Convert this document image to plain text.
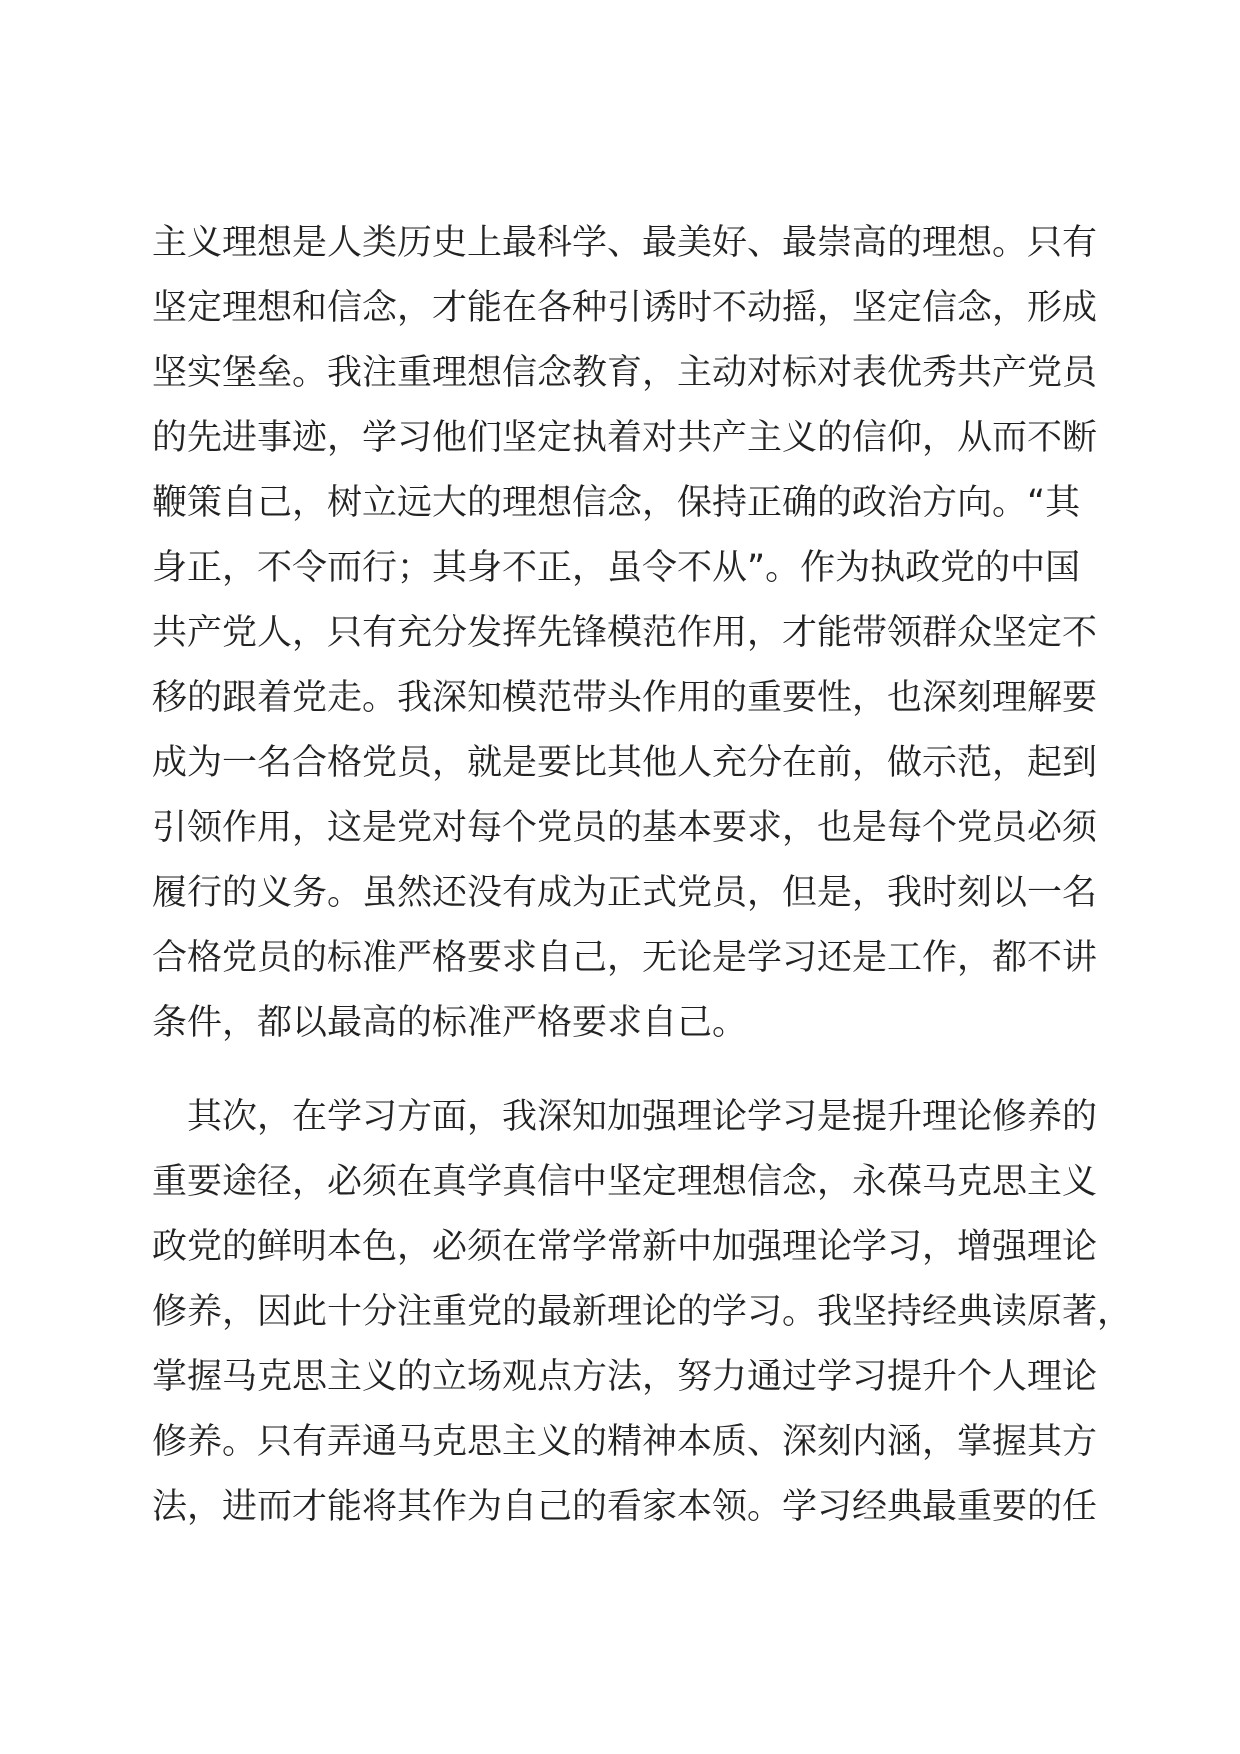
主义理想是人类历史上最科学、最美好、最崇高的理想。只有
坚定理想和信念，才能在各种引诱时不动摇，坚定信念，形成
坚实堡垒。我注重理想信念教育，主动对标对表优秀共产党员
的先进事迹，学习他们坚定执着对共产主义的信仰，从而不断
鞭策自己，树立远大的理想信念，保持正确的政治方向。“其
身正，不令而行；其身不正，虽令不从”。作为执政党的中国
共产党人，只有充分发挥先锋模范作用，才能带领群众坚定不
移的跟着党走。我深知模范带头作用的重要性，也深刻理解要
成为一名合格党员，就是要比其他人充分在前，做示范，起到
引领作用，这是党对每个党员的基本要求，也是每个党员必须
履行的义务。虽然还没有成为正式党员，但是，我时刻以一名
合格党员的标准严格要求自己，无论是学习还是工作，都不讲
条件，都以最高的标准严格要求自己。
　其次，在学习方面，我深知加强理论学习是提升理论修养的
重要途径，必须在真学真信中坚定理想信念，永葆马克思主义
政党的鲜明本色，必须在常学常新中加强理论学习，增强理论
修养，因此十分注重党的最新理论的学习。我坚持经典读原著，
掌握马克思主义的立场观点方法，努力通过学习提升个人理论
修养。只有弄通马克思主义的精神本质、深刻内涵，掌握其方
法，进而才能将其作为自己的看家本领。学习经典最重要的任
